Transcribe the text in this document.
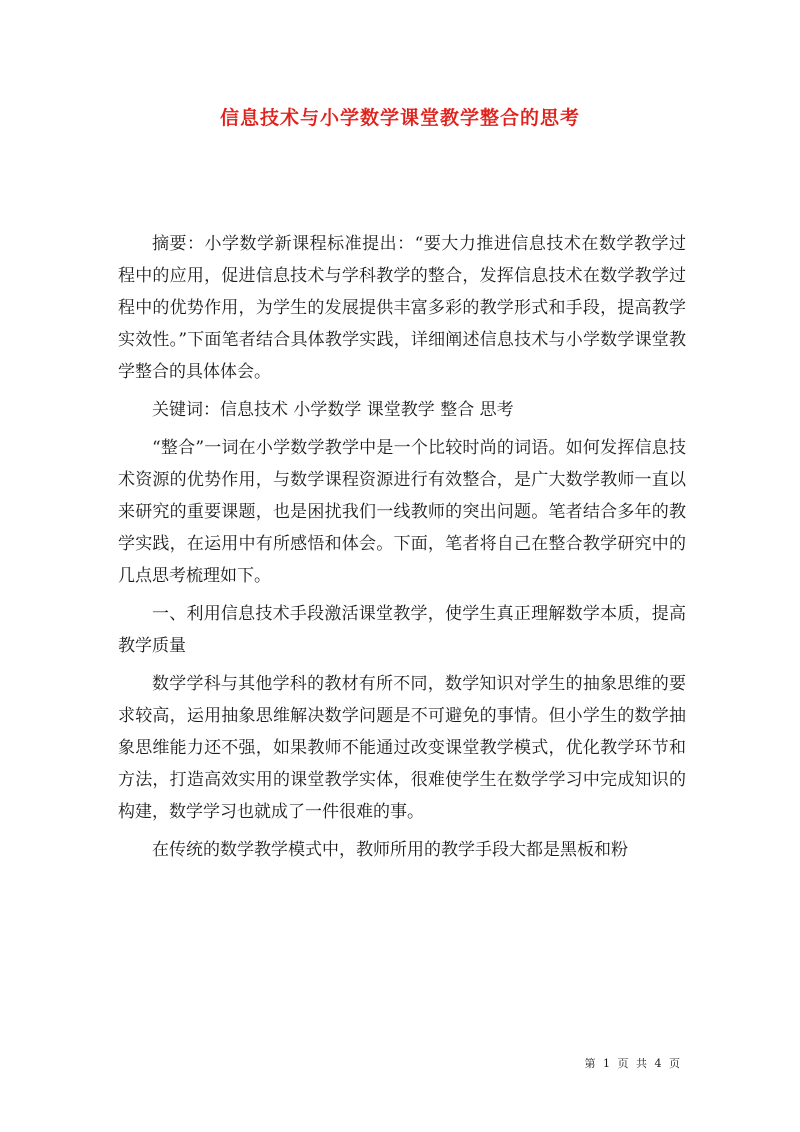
信息技术与小学数学课堂教学整合的思考

摘要：小学数学新课程标准提出：“要大力推进信息技术在数学教学过程中的应用，促进信息技术与学科教学的整合，发挥信息技术在数学教学过程中的优势作用，为学生的发展提供丰富多彩的教学形式和手段，提高教学实效性。”下面笔者结合具体教学实践，详细阐述信息技术与小学数学课堂教学整合的具体体会。

关键词：信息技术 小学数学 课堂教学 整合 思考

“整合”一词在小学数学教学中是一个比较时尚的词语。如何发挥信息技术资源的优势作用，与数学课程资源进行有效整合，是广大数学教师一直以来研究的重要课题，也是困扰我们一线教师的突出问题。笔者结合多年的教学实践，在运用中有所感悟和体会。下面，笔者将自己在整合教学研究中的几点思考梳理如下。

一、利用信息技术手段激活课堂教学，使学生真正理解数学本质，提高教学质量

数学学科与其他学科的教材有所不同，数学知识对学生的抽象思维的要求较高，运用抽象思维解决数学问题是不可避免的事情。但小学生的数学抽象思维能力还不强，如果教师不能通过改变课堂教学模式，优化教学环节和方法，打造高效实用的课堂教学实体，很难使学生在数学学习中完成知识的构建，数学学习也就成了一件很难的事。

在传统的数学教学模式中，教师所用的教学手段大都是黑板和粉

第 1 页 共 4 页
